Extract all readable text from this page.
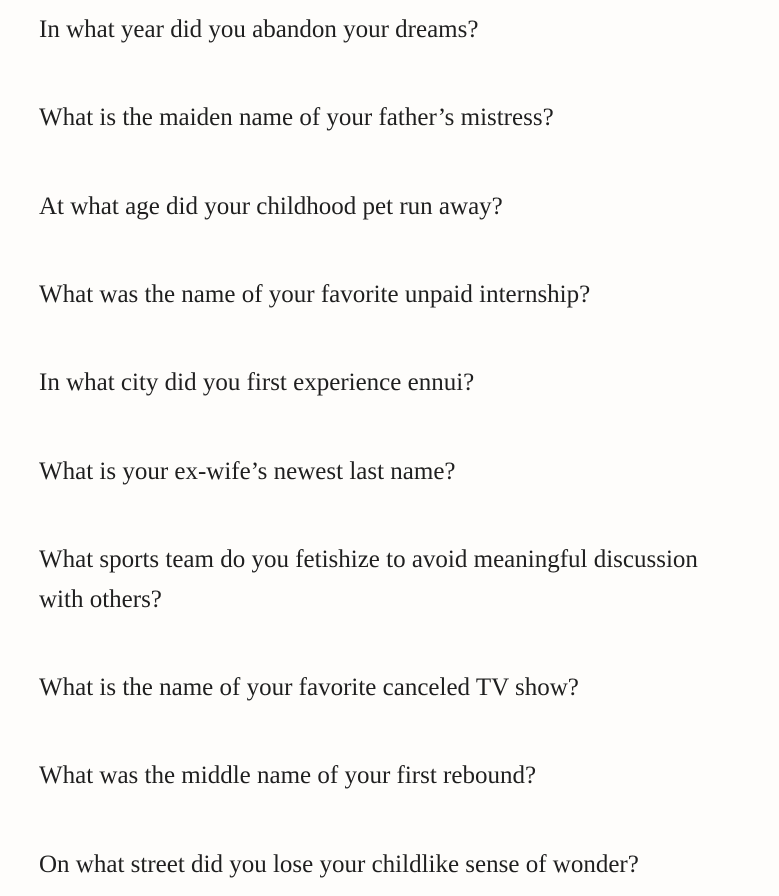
In what year did you abandon your dreams?

What is the maiden name of your father’s mistress?

At what age did your childhood pet run away?

What was the name of your favorite unpaid internship?

In what city did you first experience ennui?

What is your ex-wife’s newest last name?

What sports team do you fetishize to avoid meaningful discussion with others?

What is the name of your favorite canceled TV show?

What was the middle name of your first rebound?

On what street did you lose your childlike sense of wonder?
